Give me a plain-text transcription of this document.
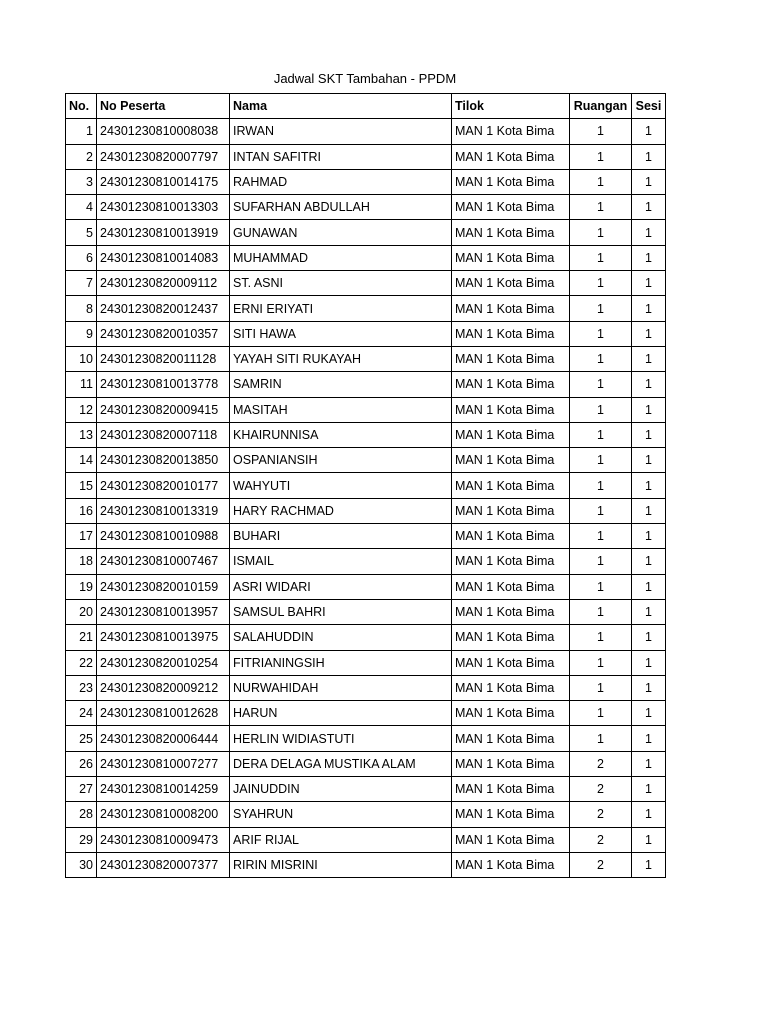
Jadwal SKT Tambahan - PPDM
No.	No Peserta	Nama	Tilok	Ruangan	Sesi
1	24301230810008038	IRWAN	MAN 1 Kota Bima	1	1
2	24301230820007797	INTAN SAFITRI	MAN 1 Kota Bima	1	1
3	24301230810014175	RAHMAD	MAN 1 Kota Bima	1	1
4	24301230810013303	SUFARHAN ABDULLAH	MAN 1 Kota Bima	1	1
5	24301230810013919	GUNAWAN	MAN 1 Kota Bima	1	1
6	24301230810014083	MUHAMMAD	MAN 1 Kota Bima	1	1
7	24301230820009112	ST. ASNI	MAN 1 Kota Bima	1	1
8	24301230820012437	ERNI ERIYATI	MAN 1 Kota Bima	1	1
9	24301230820010357	SITI HAWA	MAN 1 Kota Bima	1	1
10	24301230820011128	YAYAH SITI RUKAYAH	MAN 1 Kota Bima	1	1
11	24301230810013778	SAMRIN	MAN 1 Kota Bima	1	1
12	24301230820009415	MASITAH	MAN 1 Kota Bima	1	1
13	24301230820007118	KHAIRUNNISA	MAN 1 Kota Bima	1	1
14	24301230820013850	OSPANIANSIH	MAN 1 Kota Bima	1	1
15	24301230820010177	WAHYUTI	MAN 1 Kota Bima	1	1
16	24301230810013319	HARY RACHMAD	MAN 1 Kota Bima	1	1
17	24301230810010988	BUHARI	MAN 1 Kota Bima	1	1
18	24301230810007467	ISMAIL	MAN 1 Kota Bima	1	1
19	24301230820010159	ASRI WIDARI	MAN 1 Kota Bima	1	1
20	24301230810013957	SAMSUL BAHRI	MAN 1 Kota Bima	1	1
21	24301230810013975	SALAHUDDIN	MAN 1 Kota Bima	1	1
22	24301230820010254	FITRIANINGSIH	MAN 1 Kota Bima	1	1
23	24301230820009212	NURWAHIDAH	MAN 1 Kota Bima	1	1
24	24301230810012628	HARUN	MAN 1 Kota Bima	1	1
25	24301230820006444	HERLIN WIDIASTUTI	MAN 1 Kota Bima	1	1
26	24301230810007277	DERA DELAGA MUSTIKA ALAM	MAN 1 Kota Bima	2	1
27	24301230810014259	JAINUDDIN	MAN 1 Kota Bima	2	1
28	24301230810008200	SYAHRUN	MAN 1 Kota Bima	2	1
29	24301230810009473	ARIF RIJAL	MAN 1 Kota Bima	2	1
30	24301230820007377	RIRIN MISRINI	MAN 1 Kota Bima	2	1
